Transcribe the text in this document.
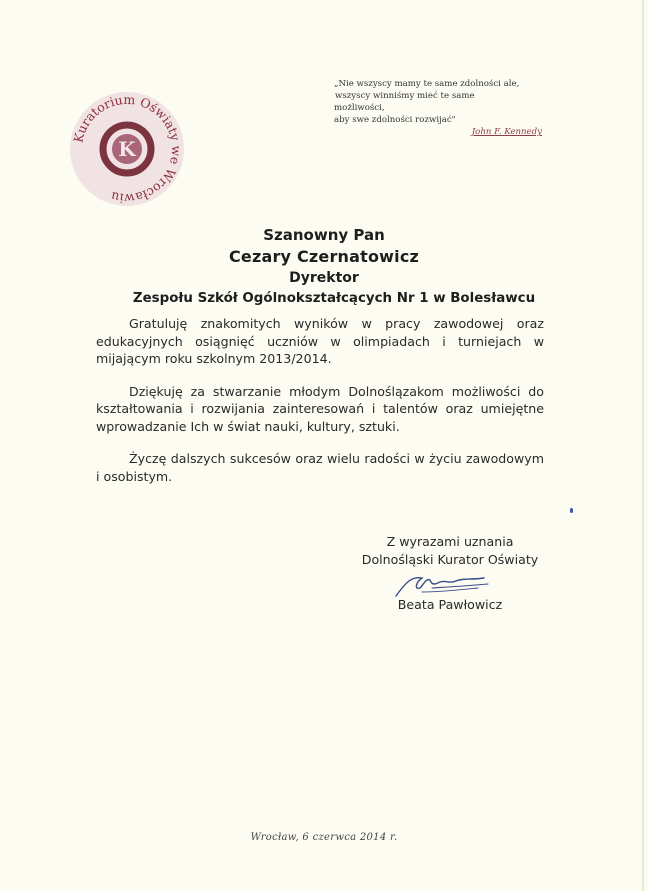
Kuratorium Oświaty we Wrocławiu
K
„Nie wszyscy mamy te same zdolności ale,
wszyscy winniśmy mieć te same
możliwości,
aby swe zdolności rozwijać"
John F. Kennedy
Szanowny Pan
Cezary Czernatowicz
Dyrektor
Zespołu Szkół Ogólnokształcących Nr 1 w Bolesławcu

Gratuluję znakomitych wyników w pracy zawodowej oraz edukacyjnych osiągnięć uczniów w olimpiadach i turniejach w mijającym roku szkolnym 2013/2014.

Dziękuję za stwarzanie młodym Dolnoślązakom możliwości do kształtowania i rozwijania zainteresowań i talentów oraz umiejętne wprowadzanie Ich w świat nauki, kultury, sztuki.

Życzę dalszych sukcesów oraz wielu radości w życiu zawodowym i osobistym.

Z wyrazami uznania
Dolnośląski Kurator Oświaty
Beata Pawłowicz
Wrocław, 6 czerwca 2014 r.
